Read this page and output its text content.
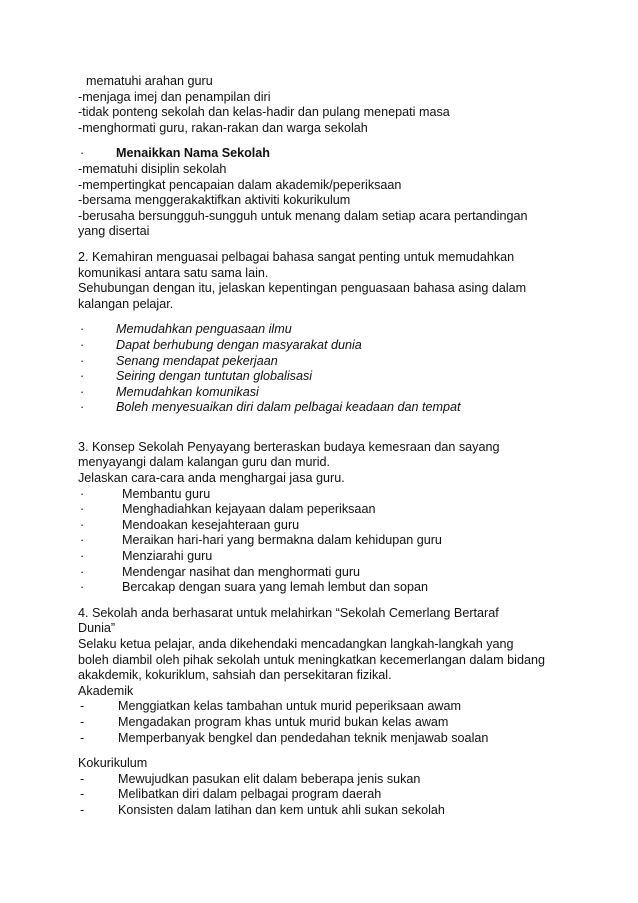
mematuhi arahan guru
-menjaga imej dan penampilan diri
-tidak ponteng sekolah dan kelas-hadir dan pulang menepati masa
-menghormati guru, rakan-rakan dan warga sekolah
·	Menaikkan Nama Sekolah
-mematuhi disiplin sekolah
-mempertingkat pencapaian dalam akademik/peperiksaan
-bersama menggerakaktifkan aktiviti kokurikulum
-berusaha bersungguh-sungguh untuk menang dalam setiap acara pertandingan
yang disertai
2. Kemahiran menguasai pelbagai bahasa sangat penting untuk memudahkan
komunikasi antara satu sama lain.
Sehubungan dengan itu, jelaskan kepentingan penguasaan bahasa asing dalam
kalangan pelajar.
·	Memudahkan penguasaan ilmu
·	Dapat berhubung dengan masyarakat dunia
·	Senang mendapat pekerjaan
·	Seiring dengan tuntutan globalisasi
·	Memudahkan komunikasi
·	Boleh menyesuaikan diri dalam pelbagai keadaan dan tempat
3. Konsep Sekolah Penyayang berteraskan budaya kemesraan dan sayang
menyayangi dalam kalangan guru dan murid.
Jelaskan cara-cara anda menghargai jasa guru.
·	Membantu guru
·	Menghadiahkan kejayaan dalam peperiksaan
·	Mendoakan kesejahteraan guru
·	Meraikan hari-hari yang bermakna dalam kehidupan guru
·	Menziarahi guru
·	Mendengar nasihat dan menghormati guru
·	Bercakap dengan suara yang lemah lembut dan sopan
4. Sekolah anda berhasarat untuk melahirkan “Sekolah Cemerlang Bertaraf
Dunia”
Selaku ketua pelajar, anda dikehendaki mencadangkan langkah-langkah yang
boleh diambil oleh pihak sekolah untuk meningkatkan kecemerlangan dalam bidang
akakdemik, kokuriklum, sahsiah dan persekitaran fizikal.
Akademik
-	Menggiatkan kelas tambahan untuk murid peperiksaan awam
-	Mengadakan program khas untuk murid bukan kelas awam
-	Memperbanyak bengkel dan pendedahan teknik menjawab soalan
Kokurikulum
-	Mewujudkan pasukan elit dalam beberapa jenis sukan
-	Melibatkan diri dalam pelbagai program daerah
-	Konsisten dalam latihan dan kem untuk ahli sukan sekolah
